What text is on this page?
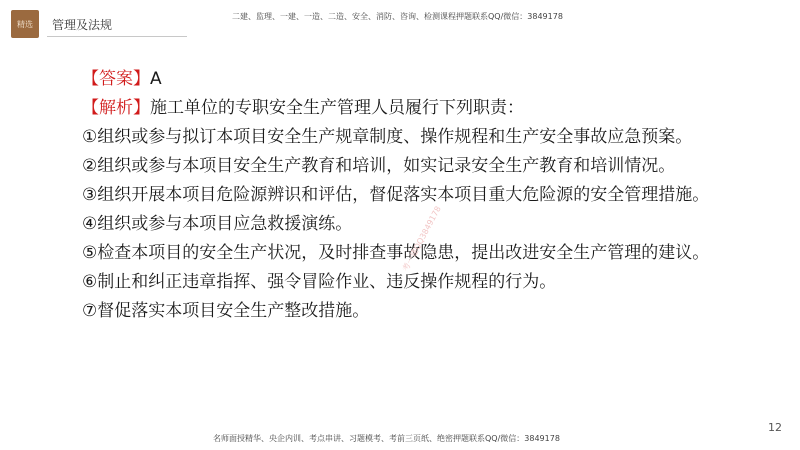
精选 管理及法规
二建、监理、一建、一造、二造、安全、消防、咨询、检测课程押题联系QQ/微信：3849178
【答案】A
【解析】施工单位的专职安全生产管理人员履行下列职责：
①组织或参与拟订本项目安全生产规章制度、操作规程和生产安全事故应急预案。
②组织或参与本项目安全生产教育和培训，如实记录安全生产教育和培训情况。
③组织开展本项目危险源辨识和评估，督促落实本项目重大危险源的安全管理措施。
④组织或参与本项目应急救援演练。
⑤检查本项目的安全生产状况，及时排查事故隐患，提出改进安全生产管理的建议。
⑥制止和纠正违章指挥、强令冒险作业、违反操作规程的行为。
⑦督促落实本项目安全生产整改措施。
考一建QQ3849178
12
名师面授精华、央企内训、考点串讲、习题模考、考前三页纸、绝密押题联系QQ/微信：3849178
